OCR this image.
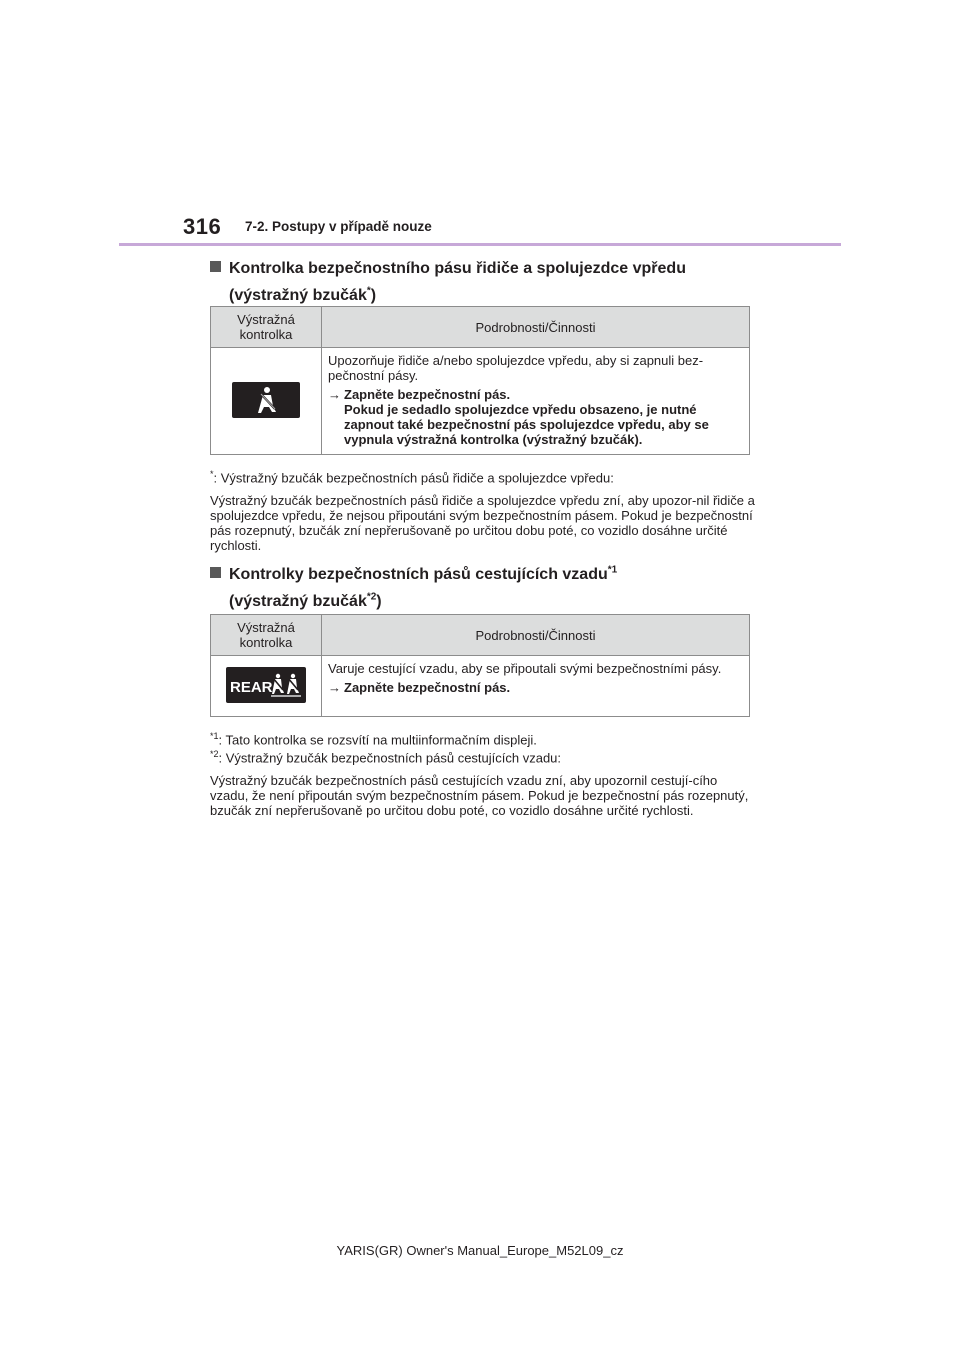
316 7-2. Postupy v případě nouze
Kontrolka bezpečnostního pásu řidiče a spolujezdce vpředu
(výstražný bzučák*)
Výstražná kontrolka	Podrobnosti/Činnosti

Upozorňuje řidiče a/nebo spolujezdce vpředu, aby si zapnuli bez-pečnostní pásy.
→ Zapněte bezpečnostní pás.
Pokud je sedadlo spolujezdce vpředu obsazeno, je nutné zapnout také bezpečnostní pás spolujezdce vpředu, aby se vypnula výstražná kontrolka (výstražný bzučák).
*: Výstražný bzučák bezpečnostních pásů řidiče a spolujezdce vpředu:
Výstražný bzučák bezpečnostních pásů řidiče a spolujezdce vpředu zní, aby upozor-nil řidiče a spolujezdce vpředu, že nejsou připoutáni svým bezpečnostním pásem. Pokud je bezpečnostní pás rozepnutý, bzučák zní nepřerušovaně po určitou dobu poté, co vozidlo dosáhne určité rychlosti.
Kontrolky bezpečnostních pásů cestujících vzadu$^{*1}$
(výstražný bzučák$^{*2}$)
Výstražná kontrolka	Podrobnosti/Činnosti

REAR	Varuje cestující vzadu, aby se připoutali svými bezpečnostními pásy.
→ Zapněte bezpečnostní pás.
$^{*1}$: Tato kontrolka se rozsvítí na multiinformačním displeji.
$^{*2}$: Výstražný bzučák bezpečnostních pásů cestujících vzadu:
Výstražný bzučák bezpečnostních pásů cestujících vzadu zní, aby upozornil cestují-cího vzadu, že není připoután svým bezpečnostním pásem. Pokud je bezpečnostní pás rozepnutý, bzučák zní nepřerušovaně po určitou dobu poté, co vozidlo dosáhne určité rychlosti.
YARIS(GR) Owner's Manual_Europe_M52L09_cz
